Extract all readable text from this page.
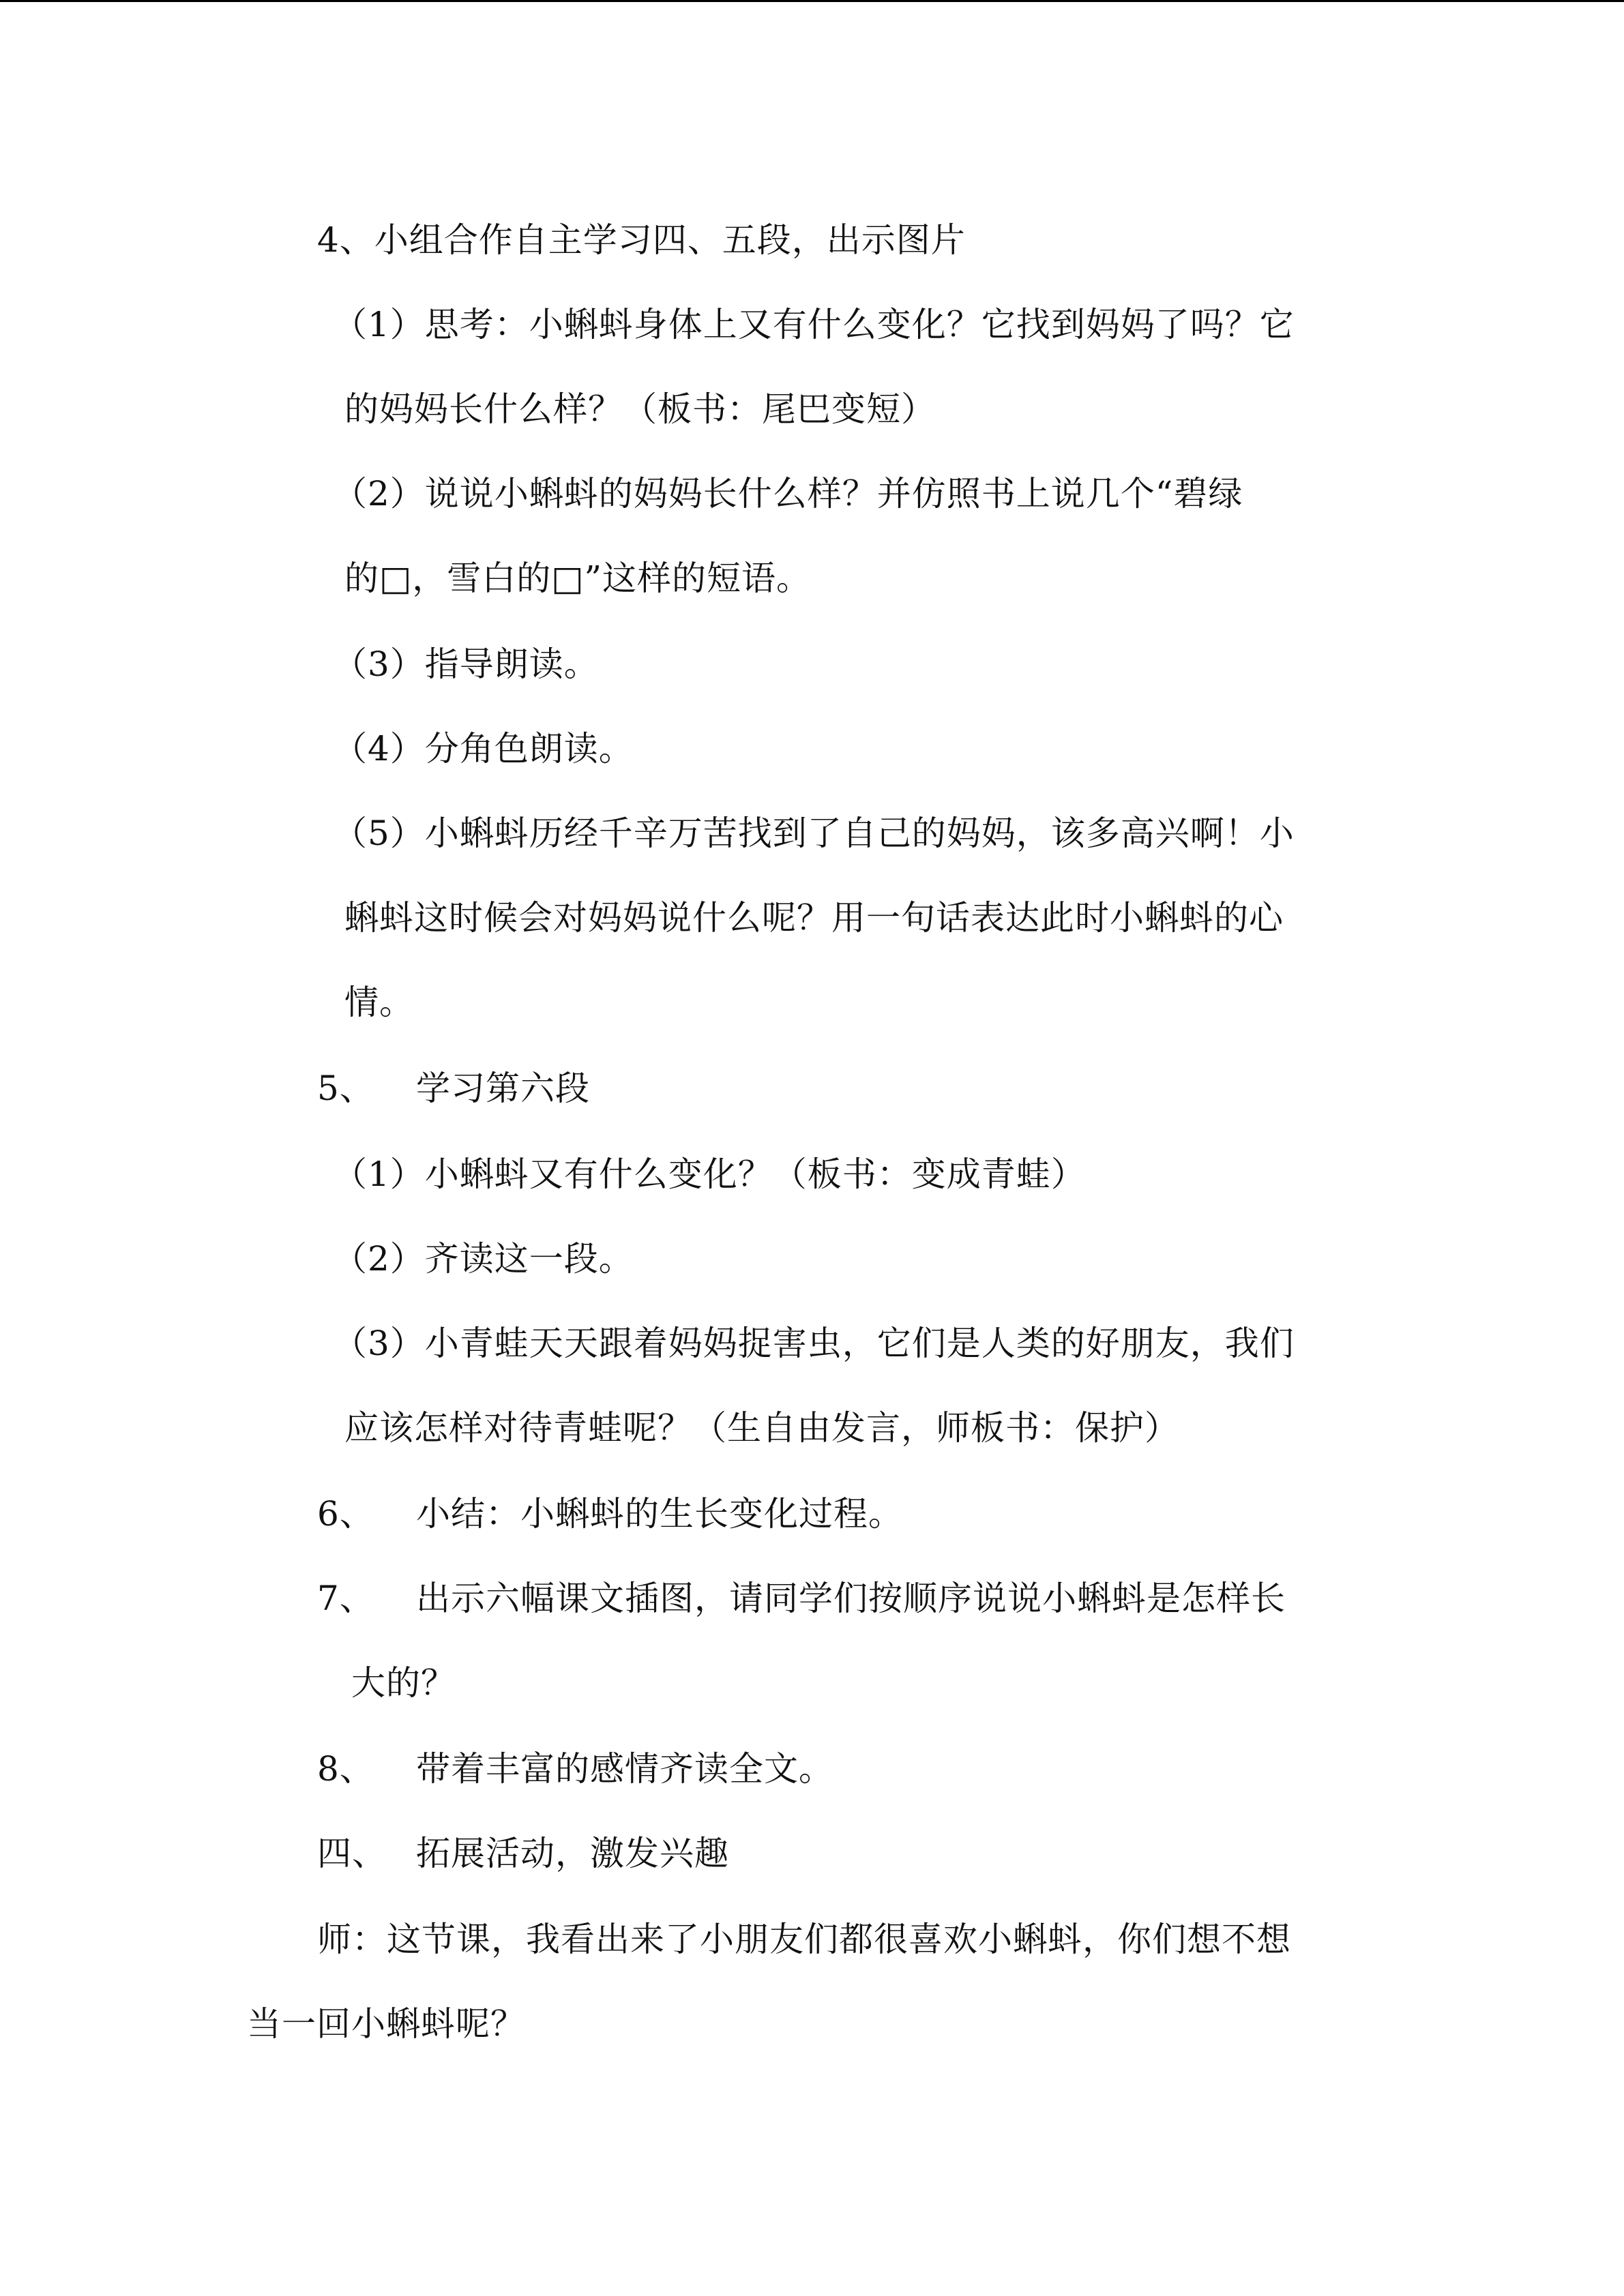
4、小组合作自主学习四、五段，出示图片
（1）思考：小蝌蚪身体上又有什么变化？它找到妈妈了吗？它
的妈妈长什么样？（板书：尾巴变短）
（2）说说小蝌蚪的妈妈长什么样？并仿照书上说几个“碧绿
的□，雪白的□”这样的短语。
（3）指导朗读。
（4）分角色朗读。
（5）小蝌蚪历经千辛万苦找到了自己的妈妈，该多高兴啊！小
蝌蚪这时候会对妈妈说什么呢？用一句话表达此时小蝌蚪的心
情。
5、 学习第六段
（1）小蝌蚪又有什么变化？（板书：变成青蛙）
（2）齐读这一段。
（3）小青蛙天天跟着妈妈捉害虫，它们是人类的好朋友，我们
应该怎样对待青蛙呢？（生自由发言，师板书：保护）
6、 小结：小蝌蚪的生长变化过程。
7、 出示六幅课文插图，请同学们按顺序说说小蝌蚪是怎样长
大的？
8、 带着丰富的感情齐读全文。
四、 拓展活动，激发兴趣
师：这节课，我看出来了小朋友们都很喜欢小蝌蚪，你们想不想
当一回小蝌蚪呢？
